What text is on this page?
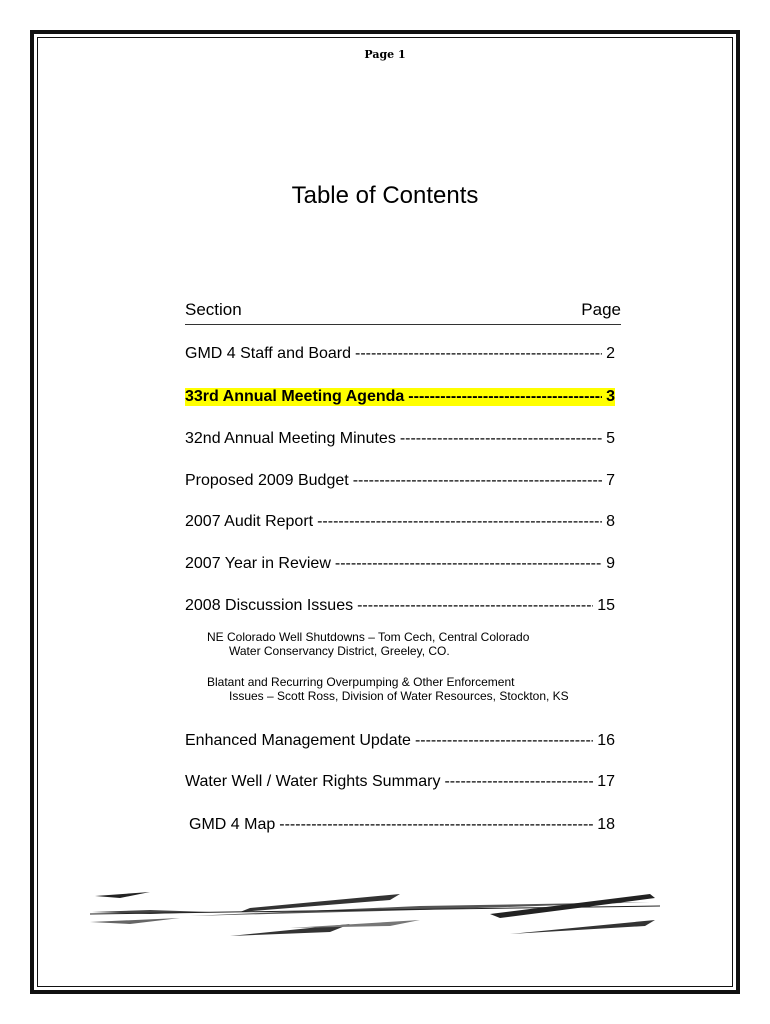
Page 1
Table of Contents
Section	Page
GMD 4 Staff and Board -----	2
33rd Annual Meeting Agenda -----	3
32nd Annual Meeting Minutes -----	5
Proposed 2009 Budget -----	7
2007 Audit Report -----	8
2007 Year in Review -----	9
2008 Discussion Issues -----	15
NE Colorado Well Shutdowns – Tom Cech, Central Colorado
Water Conservancy District, Greeley, CO.
Blatant and Recurring Overpumping & Other Enforcement
Issues – Scott Ross, Division of Water Resources, Stockton, KS
Enhanced Management Update -----	16
Water Well / Water Rights Summary -----	17
GMD 4 Map -----	18
